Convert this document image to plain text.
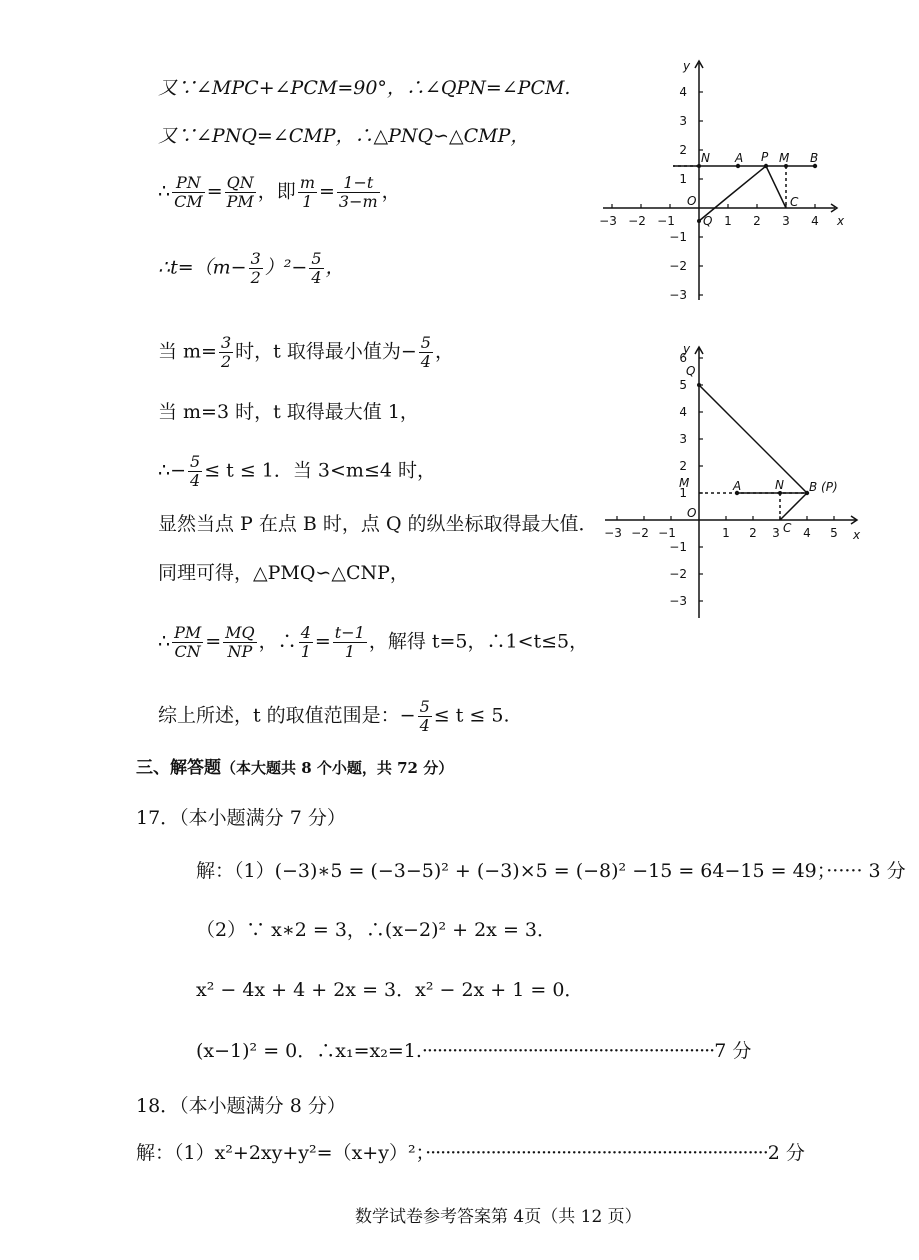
又∵∠MPC+∠PCM=90°，∴∠QPN=∠PCM.
又∵∠PNQ=∠CMP，∴△PNQ∽△CMP，
∴ $\frac{PN}{CM} = \frac{QN}{PM}$ ，即 $\frac{m}{1} = \frac{1-t}{3-m}$ ，
∴t=（m− $\frac{3}{2} )^2- \frac{5}{4}$ ，
当 $m= \frac{3}{2}$ 时，t 取得最小值为− $\frac{5}{4}$ ，
当 m=3 时，t 取得最大值 1，
∴− $\frac{5}{4} \le t \le 1$．当 3<m≤4 时，
显然当点 P 在点 B 时，点 Q 的纵坐标取得最大值．
同理可得，△PMQ∽△CNP，
∴ $\frac{PM}{CN} = \frac{MQ}{NP}$ ，∴ $\frac{4}{1} = \frac{t-1}{1}$ ，解得 t=5，∴1<t≤5，
综上所述，t 的取值范围是：− $\frac{5}{4} \le t \le 5$.
三、解答题（本大题共 8 个小题，共 72 分）
17．（本小题满分 7 分）
解：（1）(−3)∗5 = (−3−5)² + (−3)×5 = (−8)² −15 = 64−15 = 49；······ 3 分
（2）∵ x∗2 = 3，∴(x−2)² + 2x = 3．
x² − 4x + 4 + 2x = 3．x² − 2x + 1 = 0．
(x−1)² = 0．∴x₁=x₂=1.··························································7 分
18．（本小题满分 8 分）
解：（1）x²+2xy+y²=（x+y）²；····································································2 分
数学试卷参考答案第 4页（共 12 页）
−3 −2 −1	1 2 3 4
4
3
2
1
−1
−2
−3
x
y
O
N A P M B
C
Q
−3 −2 −1	1 2 3 4 5
6
5
4
3
2
1
−1
−2
−3
x
y
O
Q
M	A	N B (P)
C
